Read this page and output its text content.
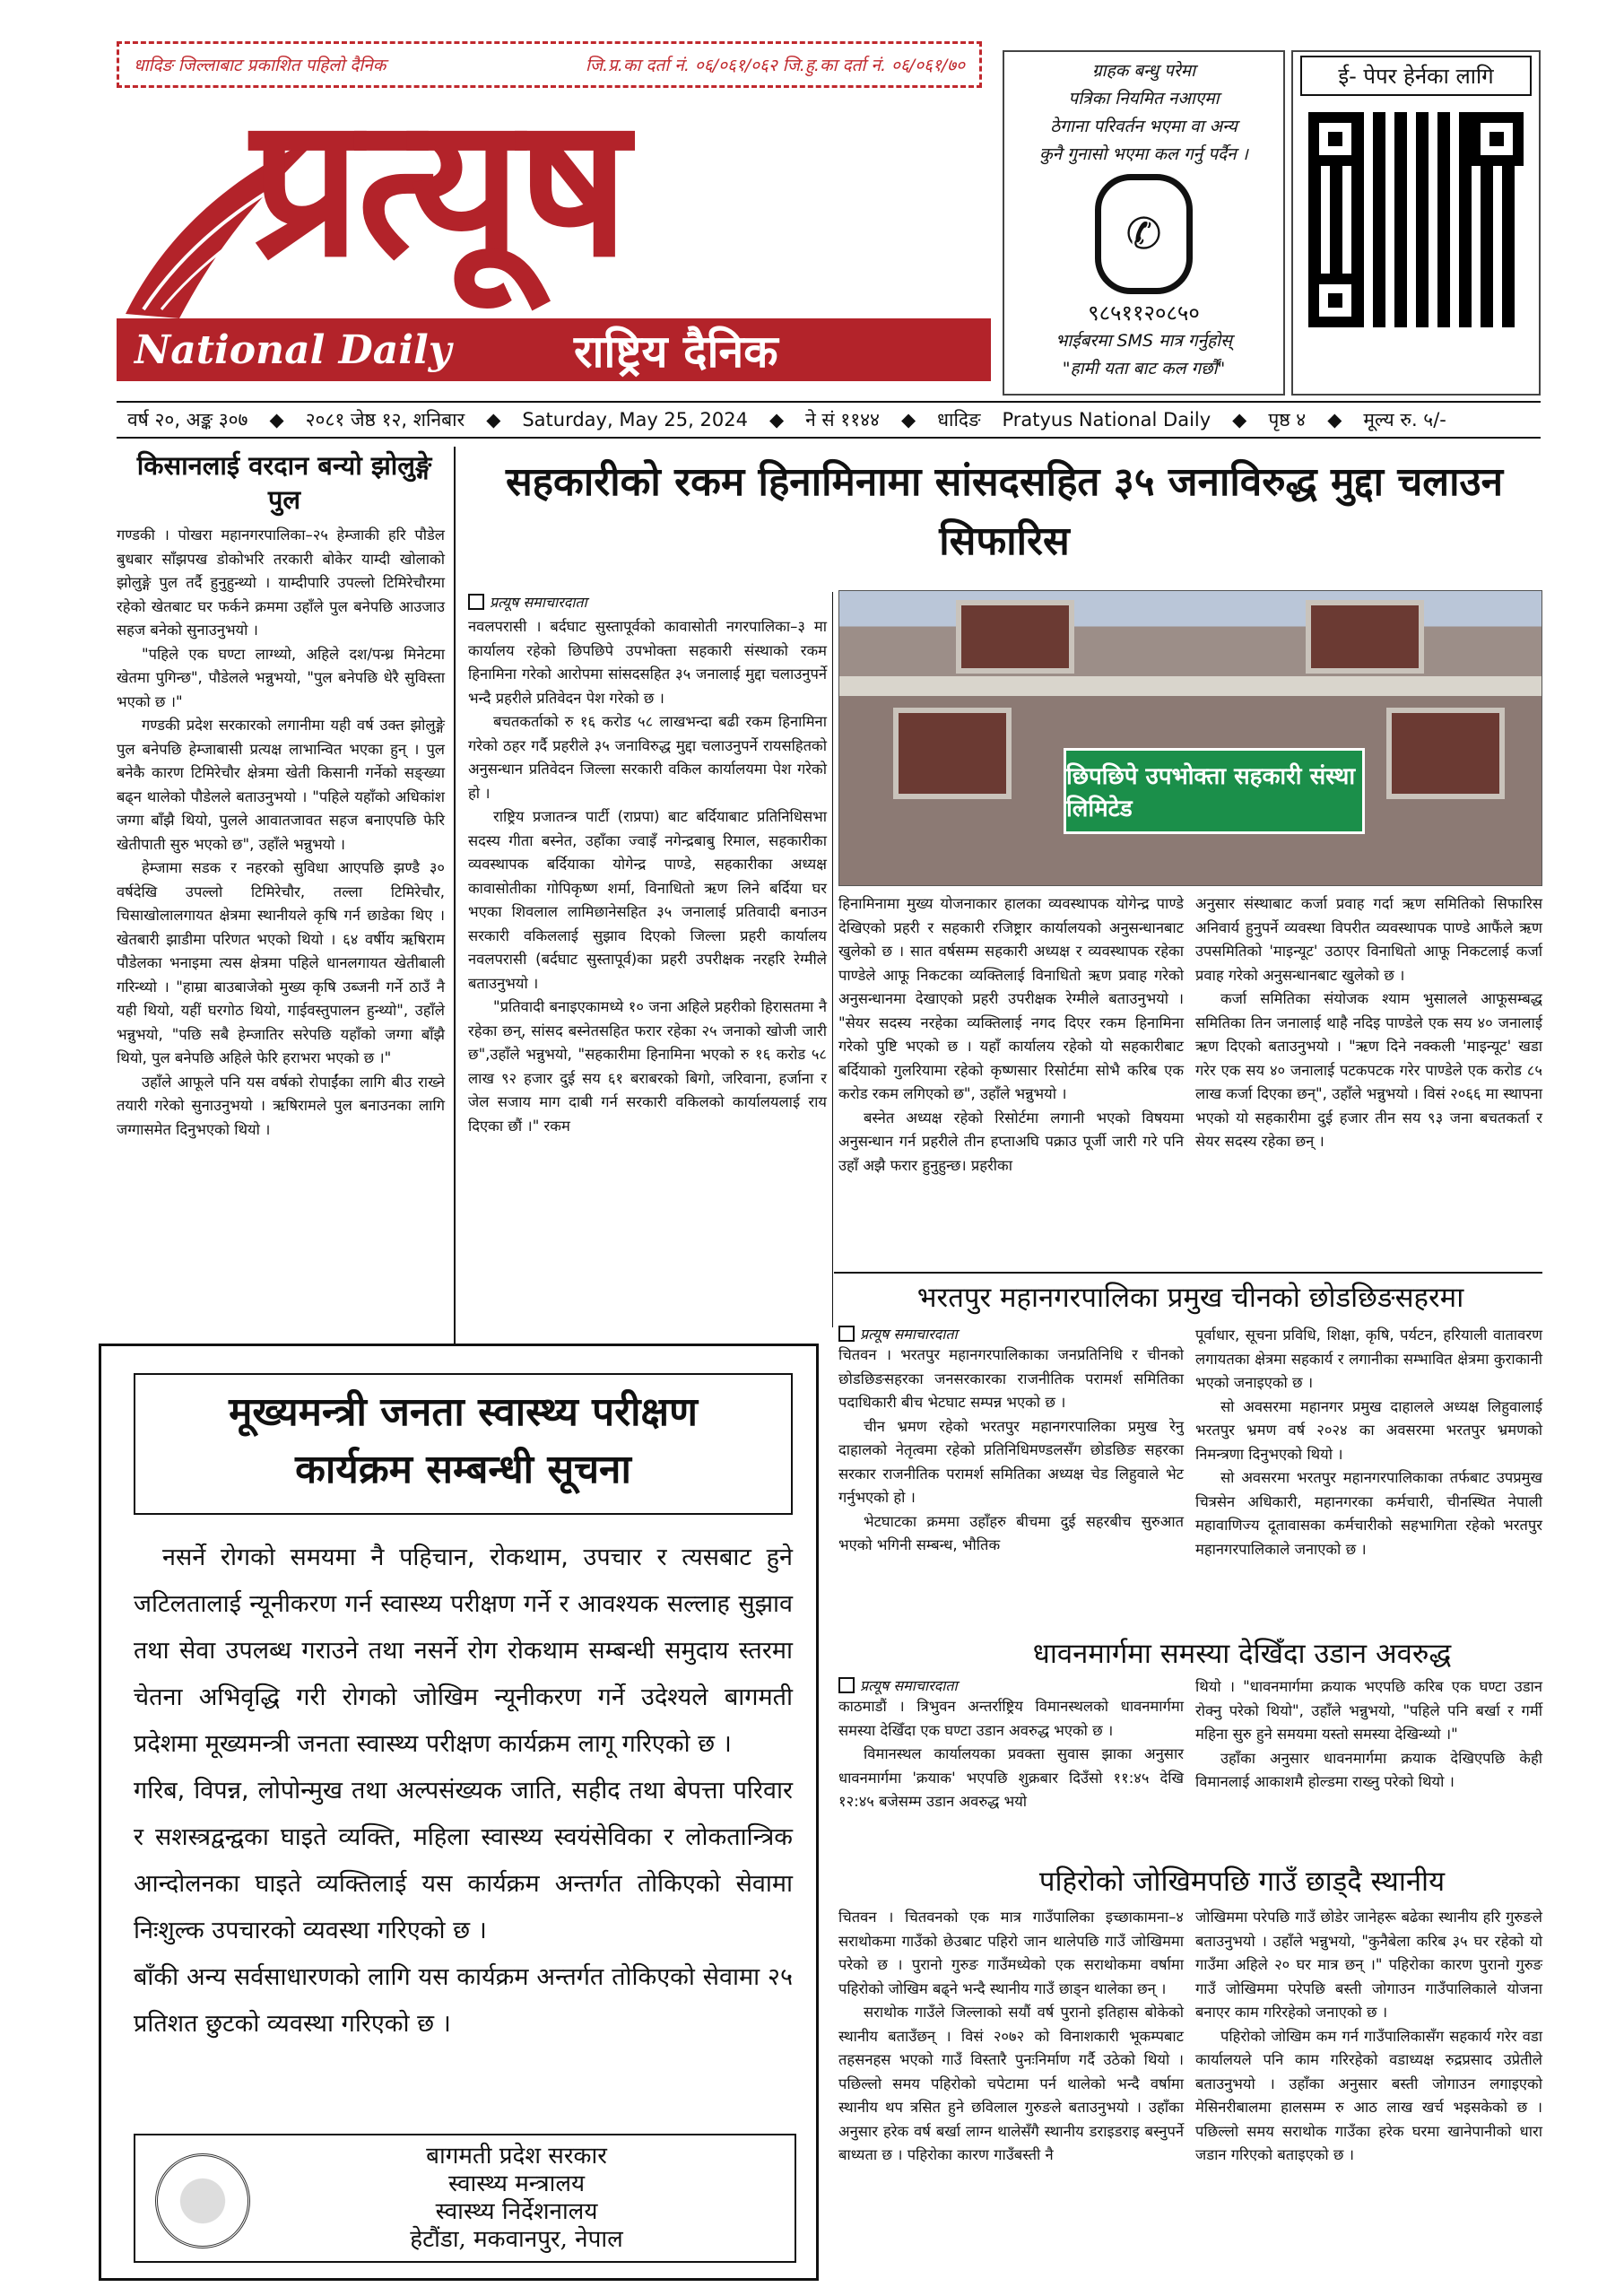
धादिङ जिल्लाबाट प्रकाशित पहिलो दैनिक	जि.प्र.का दर्ता नं. ०६/०६१/०६२ जि.हु.का दर्ता नं. ०६/०६१/७०
प्रत्यूष
National Daily	राष्ट्रिय दैनिक
ग्राहक बन्धु परेमा
पत्रिका नियमित नआएमा
ठेगाना परिवर्तन भएमा वा अन्य
कुनै गुनासो भएमा कल गर्नु पर्दैन ।
✆
९८५११२०८५०
भाईबरमा SMS मात्र गर्नुहोस्
"हामी यता बाट कल गर्छौं"
ई- पेपर हेर्नका लागि
वर्ष २०, अङ्क ३०७ ◆ २०८१ जेष्ठ १२, शनिबार ◆ Saturday, May 25, 2024 ◆ ने सं ११४४ ◆ धादिङ Pratyus National Daily ◆ पृष्ठ ४ ◆ मूल्य रु. ५/-
किसानलाई वरदान बन्यो झोलुङ्गे पुल

गण्डकी । पोखरा महानगरपालिका–२५ हेम्जाकी हरि पौडेल बुधबार साँझपख डोकोभरि तरकारी बोकेर याम्दी खोलाको झोलुङ्गे पुल तर्दै हुनुहुन्थ्यो । याम्दीपारि उपल्लो टिमिरेचौरमा रहेको खेतबाट घर फर्कने क्रममा उहाँले पुल बनेपछि आउजाउ सहज बनेको सुनाउनुभयो ।

"पहिले एक घण्टा लाग्थ्यो, अहिले दश/पन्ध्र मिनेटमा खेतमा पुगिन्छ", पौडेलले भन्नुभयो, "पुल बनेपछि धेरै सुविस्ता भएको छ ।"

गण्डकी प्रदेश सरकारको लगानीमा यही वर्ष उक्त झोलुङ्गे पुल बनेपछि हेम्जाबासी प्रत्यक्ष लाभान्वित भएका हुन् । पुल बनेकै कारण टिमिरेचौर क्षेत्रमा खेती किसानी गर्नेको सङ्ख्या बढ्न थालेको पौडेलले बताउनुभयो । "पहिले यहाँको अधिकांश जग्गा बाँझै थियो, पुलले आवातजावत सहज बनाएपछि फेरि खेतीपाती सुरु भएको छ", उहाँले भन्नुभयो ।

हेम्जामा सडक र नहरको सुविधा आएपछि झण्डै ३० वर्षदेखि उपल्लो टिमिरेचौर, तल्ला टिमिरेचौर, चिसाखोलालगायत क्षेत्रमा स्थानीयले कृषि गर्न छाडेका थिए । खेतबारी झाडीमा परिणत भएको थियो । ६४ वर्षीय ऋषिराम पौडेलका भनाइमा त्यस क्षेत्रमा पहिले धानलगायत खेतीबाली गरिन्थ्यो । "हाम्रा बाउबाजेको मुख्य कृषि उब्जनी गर्ने ठाउँ नै यही थियो, यहीं घरगोठ थियो, गाईवस्तुपालन हुन्थ्यो", उहाँले भन्नुभयो, "पछि सबै हेम्जातिर सरेपछि यहाँको जग्गा बाँझै थियो, पुल बनेपछि अहिले फेरि हराभरा भएको छ ।"

उहाँले आफूले पनि यस वर्षको रोपाईंका लागि बीउ राख्ने तयारी गरेको सुनाउनुभयो । ऋषिरामले पुल बनाउनका लागि जग्गासमेत दिनुभएको थियो ।

सहकारीको रकम हिनामिनामा सांसदसहित ३५ जनाविरुद्ध मुद्दा चलाउन सिफारिस
प्रत्यूष समाचारदाता

नवलपरासी । बर्दघाट सुस्तापूर्वको कावासोती नगरपालिका–३ मा कार्यालय रहेको छिपछिपे उपभोक्ता सहकारी संस्थाको रकम हिनामिना गरेको आरोपमा सांसदसहित ३५ जनालाई मुद्दा चलाउनुपर्ने भन्दै प्रहरीले प्रतिवेदन पेश गरेको छ ।

बचतकर्ताको रु १६ करोड ५८ लाखभन्दा बढी रकम हिनामिना गरेको ठहर गर्दै प्रहरीले ३५ जनाविरुद्ध मुद्दा चलाउनुपर्ने रायसहितको अनुसन्धान प्रतिवेदन जिल्ला सरकारी वकिल कार्यालयमा पेश गरेको हो ।

राष्ट्रिय प्रजातन्त्र पार्टी (राप्रपा) बाट बर्दियाबाट प्रतिनिधिसभा सदस्य गीता बस्नेत, उहाँका ज्वाइँ नगेन्द्रबाबु रिमाल, सहकारीका व्यवस्थापक बर्दियाका योगेन्द्र पाण्डे, सहकारीका अध्यक्ष कावासोतीका गोपिकृष्ण शर्मा, विनाधितो ऋण लिने बर्दिया घर भएका शिवलाल लामिछानेसहित ३५ जनालाई प्रतिवादी बनाउन सरकारी वकिललाई सुझाव दिएको जिल्ला प्रहरी कार्यालय नवलपरासी (बर्दघाट सुस्तापूर्व)का प्रहरी उपरीक्षक नरहरि रेग्मीले बताउनुभयो ।

"प्रतिवादी बनाइएकामध्ये १० जना अहिले प्रहरीको हिरासतमा नै रहेका छन्, सांसद बस्नेतसहित फरार रहेका २५ जनाको खोजी जारी छ",उहाँले भन्नुभयो, "सहकारीमा हिनामिना भएको रु १६ करोड ५८ लाख ९२ हजार दुई सय ६१ बराबरको बिगो, जरिवाना, हर्जाना र जेल सजाय माग दाबी गर्न सरकारी वकिलको कार्यालयलाई राय दिएका छौं ।" रकम

छिपछिपे उपभोक्ता सहकारी संस्था लिमिटेड

हिनामिनामा मुख्य योजनाकार हालका व्यवस्थापक योगेन्द्र पाण्डे देखिएको प्रहरी र सहकारी रजिष्ट्रार कार्यालयको अनुसन्धानबाट खुलेको छ । सात वर्षसम्म सहकारी अध्यक्ष र व्यवस्थापक रहेका पाण्डेले आफू निकटका व्यक्तिलाई विनाधितो ऋण प्रवाह गरेको अनुसन्धानमा देखाएको प्रहरी उपरीक्षक रेग्मीले बताउनुभयो । "सेयर सदस्य नरहेका व्यक्तिलाई नगद दिएर रकम हिनामिना गरेको पुष्टि भएको छ । यहाँ कार्यालय रहेको यो सहकारीबाट बर्दियाको गुलरियामा रहेको कृष्णसार रिसोर्टमा सोभै करिब एक करोड रकम लगिएको छ", उहाँले भन्नुभयो ।

बस्नेत अध्यक्ष रहेको रिसोर्टमा लगानी भएको विषयमा अनुसन्धान गर्न प्रहरीले तीन हप्ताअघि पक्राउ पूर्जी जारी गरे पनि उहाँ अझै फरार हुनुहुन्छ। प्रहरीका

अनुसार संस्थाबाट कर्जा प्रवाह गर्दा ऋण समितिको सिफारिस अनिवार्य हुनुपर्ने व्यवस्था विपरीत व्यवस्थापक पाण्डे आफैंले ऋण उपसमितिको 'माइन्यूट' उठाएर विनाधितो आफू निकटलाई कर्जा प्रवाह गरेको अनुसन्धानबाट खुलेको छ ।

कर्जा समितिका संयोजक श्याम भुसालले आफूसम्बद्ध समितिका तिन जनालाई थाहै नदिइ पाण्डेले एक सय ४० जनालाई ऋण दिएको बताउनुभयो । "ऋण दिने नक्कली 'माइन्यूट' खडा गरेर एक सय ४० जनालाई पटकपटक गरेर पाण्डेले एक करोड ८५ लाख कर्जा दिएका छन्", उहाँले भन्नुभयो । विसं २०६६ मा स्थापना भएको यो सहकारीमा दुई हजार तीन सय ९३ जना बचतकर्ता र सेयर सदस्य रहेका छन् ।

भरतपुर महानगरपालिका प्रमुख चीनको छोडछिङसहरमा
प्रत्यूष समाचारदाता

चितवन । भरतपुर महानगरपालिकाका जनप्रतिनिधि र चीनको छोडछिङसहरका जनसरकारका राजनीतिक परामर्श समितिका पदाधिकारी बीच भेटघाट सम्पन्न भएको छ ।

चीन भ्रमण रहेको भरतपुर महानगरपालिका प्रमुख रेनु दाहालको नेतृत्वमा रहेको प्रतिनिधिमण्डलसँग छोडछिङ सहरका सरकार राजनीतिक परामर्श समितिका अध्यक्ष चेड लिहुवाले भेट गर्नुभएको हो ।

भेटघाटका क्रममा उहाँहरु बीचमा दुई सहरबीच सुरुआत भएको भगिनी सम्बन्ध, भौतिक

पूर्वाधार, सूचना प्रविधि, शिक्षा, कृषि, पर्यटन, हरियाली वातावरण लगायतका क्षेत्रमा सहकार्य र लगानीका सम्भावित क्षेत्रमा कुराकानी भएको जनाइएको छ ।

सो अवसरमा महानगर प्रमुख दाहालले अध्यक्ष लिहुवालाई भरतपुर भ्रमण वर्ष २०२४ का अवसरमा भरतपुर भ्रमणको निमन्त्रणा दिनुभएको थियो ।

सो अवसरमा भरतपुर महानगरपालिकाका तर्फबाट उपप्रमुख चित्रसेन अधिकारी, महानगरका कर्मचारी, चीनस्थित नेपाली महावाणिज्य दूतावासका कर्मचारीको सहभागिता रहेको भरतपुर महानगरपालिकाले जनाएको छ ।

धावनमार्गमा समस्या देखिँदा उडान अवरुद्ध
प्रत्यूष समाचारदाता

काठमाडौं । त्रिभुवन अन्तर्राष्ट्रिय विमानस्थलको धावनमार्गमा समस्या देखिँदा एक घण्टा उडान अवरुद्ध भएको छ ।

विमानस्थल कार्यालयका प्रवक्ता सुवास झाका अनुसार धावनमार्गमा 'क्रयाक' भएपछि शुक्रबार दिउँसो ११:४५ देखि १२:४५ बजेसम्म उडान अवरुद्ध भयो

थियो । "धावनमार्गमा क्रयाक भएपछि करिब एक घण्टा उडान रोक्नु परेको थियो", उहाँले भन्नुभयो, "पहिले पनि बर्खा र गर्मी महिना सुरु हुने समयमा यस्तो समस्या देखिन्थ्यो ।"

उहाँका अनुसार धावनमार्गमा क्रयाक देखिएपछि केही विमानलाई आकाशमै होल्डमा राख्नु परेको थियो ।

पहिरोको जोखिमपछि गाउँ छाड्दै स्थानीय

चितवन । चितवनको एक मात्र गाउँपालिका इच्छाकामना–४ सराथोकमा गाउँको छेउबाट पहिरो जान थालेपछि गाउँ जोखिममा परेको छ । पुरानो गुरुङ गाउँमध्येको एक सराथोकमा वर्षामा पहिरोको जोखिम बढ्ने भन्दै स्थानीय गाउँ छाड्न थालेका छन् ।

सराथोक गाउँले जिल्लाको सयौं वर्ष पुरानो इतिहास बोकेको स्थानीय बताउँछन् । विसं २०७२ को विनाशकारी भूकम्पबाट तहसनहस भएको गाउँ विस्तारै पुनःनिर्माण गर्दै उठेको थियो । पछिल्लो समय पहिरोको चपेटामा पर्न थालेको भन्दै वर्षामा स्थानीय थप त्रसित हुने छविलाल गुरुङले बताउनुभयो । उहाँका अनुसार हरेक वर्ष बर्खा लाग्न थालेसँगै स्थानीय डराइडराइ बस्नुपर्ने बाध्यता छ । पहिरोका कारण गाउँबस्ती नै

जोखिममा परेपछि गाउँ छोडेर जानेहरू बढेका स्थानीय हरि गुरुङले बताउनुभयो । उहाँले भन्नुभयो, "कुनैबेला करिब ३५ घर रहेको यो गाउँमा अहिले २० घर मात्र छन् ।" पहिरोका कारण पुरानो गुरुङ गाउँ जोखिममा परेपछि बस्ती जोगाउन गाउँपालिकाले योजना बनाएर काम गरिरहेको जनाएको छ ।

पहिरोको जोखिम कम गर्न गाउँपालिकासँग सहकार्य गरेर वडा कार्यालयले पनि काम गरिरहेको वडाध्यक्ष रुद्रप्रसाद उप्रेतीले बताउनुभयो । उहाँका अनुसार बस्ती जोगाउन लगाइएको मेसिनरीबालमा हालसम्म रु आठ लाख खर्च भइसकेको छ । पछिल्लो समय सराथोक गाउँका हरेक घरमा खानेपानीको धारा जडान गरिएको बताइएको छ ।

मूख्यमन्त्री जनता स्वास्थ्य परीक्षण
कार्यक्रम सम्बन्धी सूचना

नसर्ने रोगको समयमा नै पहिचान, रोकथाम, उपचार र त्यसबाट हुने जटिलतालाई न्यूनीकरण गर्न स्वास्थ्य परीक्षण गर्ने र आवश्यक सल्लाह सुझाव तथा सेवा उपलब्ध गराउने तथा नसर्ने रोग रोकथाम सम्बन्धी समुदाय स्तरमा चेतना अभिवृद्धि गरी रोगको जोखिम न्यूनीकरण गर्ने उदेश्यले बागमती प्रदेशमा मूख्यमन्त्री जनता स्वास्थ्य परीक्षण कार्यक्रम लागू गरिएको छ ।

गरिब, विपन्न, लोपोन्मुख तथा अल्पसंख्यक जाति, सहीद तथा बेपत्ता परिवार र सशस्त्रद्वन्द्वका घाइते व्यक्ति, महिला स्वास्थ्य स्वयंसेविका र लोकतान्त्रिक आन्दोलनका घाइते व्यक्तिलाई यस कार्यक्रम अन्तर्गत तोकिएको सेवामा निःशुल्क उपचारको व्यवस्था गरिएको छ ।

बाँकी अन्य सर्वसाधारणको लागि यस कार्यक्रम अन्तर्गत तोकिएको सेवामा २५ प्रतिशत छुटको व्यवस्था गरिएको छ ।

बागमती प्रदेश सरकार
स्वास्थ्य मन्त्रालय
स्वास्थ्य निर्देशनालय
हेटौंडा, मकवानपुर, नेपाल
